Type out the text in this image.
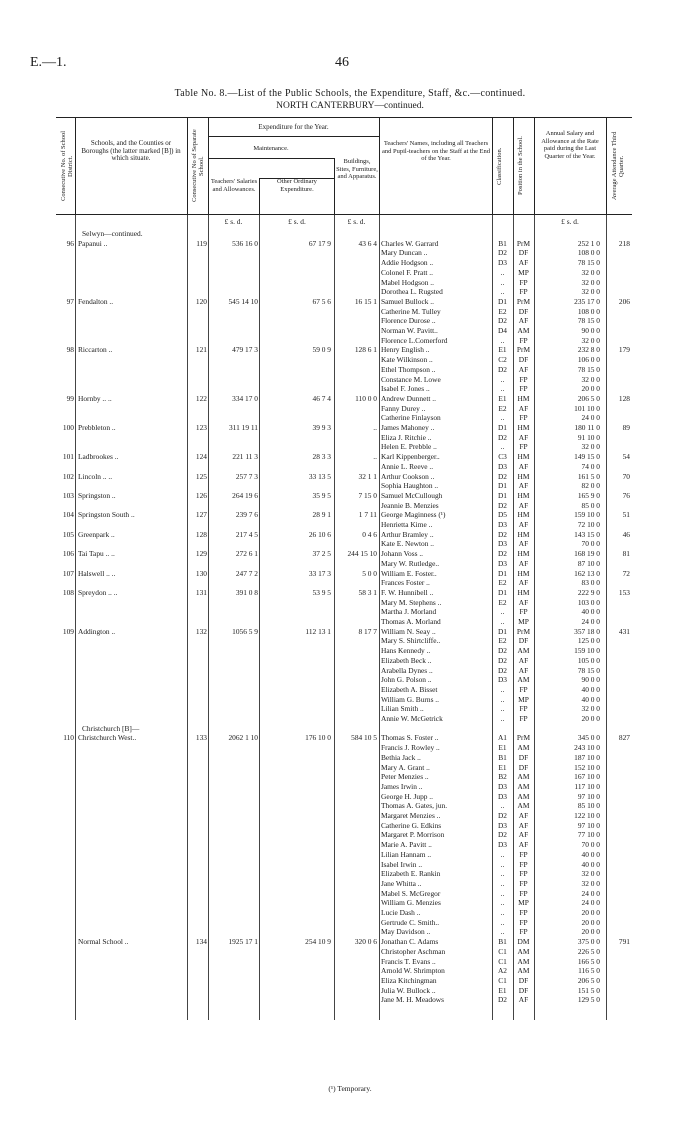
E.—1.	46
Table No. 8.—List of the Public Schools, the Expenditure, Staff, &c.—continued.
NORTH CANTERBURY—continued.
Consecutive No. of School District.
Schools, and the Counties or Boroughs (the latter marked [B]) in which situate.	Consecutive No of Separate School.
Expenditure for the Year.
Maintenance.
Teachers' Salaries and Allowances.
Other Ordinary Expenditure.
Buildings, Sites, Furniture, and Apparatus.
Teachers' Names, including all Teachers and Pupil-teachers on the Staff at the End of the Year.	Classification.	Position in the School.
Annual Salary and Allowance at the Rate paid during the Last Quarter of the Year.	Average Attendance Third Quarter.
£ s. d.	£ s. d.	£ s. d.	£ s. d.
Selwyn—continued.
96 Papanui ..	119	536 16 0	67 17 9	43 6 4 Charles W. Garrard	B1	PrM	252 1 0	218
Mary Duncan ..	D2	DF	108 0 0
Addie Hodgson ..	D3	AF	78 15 0
Colonel F. Pratt ..	..	MP	32 0 0
Mabel Hodgson ..	..	FP	32 0 0
Dorothea L. Rugsted	..	FP	32 0 0
97 Fendalton ..	120	545 14 10	67 5 6	16 15 1 Samuel Bullock ..	D1	PrM	235 17 0	206
Catherine M. Tulley	E2	DF	108 0 0
Florence Durose ..	D2	AF	78 15 0
Norman W. Pavitt..	D4	AM	90 0 0
Florence L.Comerford	..	FP	32 0 0
98 Riccarton ..	121	479 17 3	59 0 9	128 6 1 Henry English ..	E1	PrM	232 8 0	179
Kate Wilkinson ..	C2	DF	106 0 0
Ethel Thompson ..	D2	AF	78 15 0
Constance M. Lowe	..	FP	32 0 0
Isabel F. Jones ..	..	FP	20 0 0
99 Hornby .. ..	122	334 17 0	46 7 4	110 0 0 Andrew Dunnett ..	E1	HM	206 5 0	128
Fanny Durey ..	E2	AF	101 10 0
Catherine Finlayson	..	FP	24 0 0
100 Prebbleton ..	123	311 19 11	39 9 3	.. James Mahoney ..	D1	HM	180 11 0	89
Eliza J. Ritchie ..	D2	AF	91 10 0
Helen E. Prebble ..	..	FP	32 0 0
101 Ladbrookes ..	124	221 11 3	28 3 3	.. Karl Kippenberger..	C3	HM	149 15 0	54
Annie L. Reeve ..	D3	AF	74 0 0
102 Lincoln .. ..	125	257 7 3	33 13 5	32 1 1 Arthur Cookson ..	D2	HM	161 5 0	70
Sophia Haughton ..	D1	AF	82 0 0
103 Springston ..	126	264 19 6	35 9 5	7 15 0 Samuel McCullough	D1	HM	165 9 0	76
Jeannie B. Menzies	D2	AF	85 0 0
104 Springston South ..	127	239 7 6	28 9 1	1 7 11 George Maginness (¹)	D5	HM	159 10 0	51
Henrietta Kime ..	D3	AF	72 10 0
105 Greenpark ..	128	217 4 5	26 10 6	0 4 6 Arthur Bramley ..	D2	HM	143 15 0	46
Kate E. Newton ..	D3	AF	70 0 0
106 Tai Tapu .. ..	129	272 6 1	37 2 5	244 15 10 Johann Voss ..	D2	HM	168 19 0	81
Mary W. Rutledge..	D3	AF	87 10 0
107 Halswell .. ..	130	247 7 2	33 17 3	5 0 0 William E. Foster..	D1	HM	162 13 0	72
Frances Foster ..	E2	AF	83 0 0
108 Spreydon .. ..	131	391 0 8	53 9 5	58 3 1 F. W. Hunnibell ..	D1	HM	222 9 0	153
Mary M. Stephens ..	E2	AF	103 0 0
Martha J. Morland	..	FP	40 0 0
Thomas A. Morland	..	MP	24 0 0
109 Addington ..	132	1056 5 9	112 13 1	8 17 7 William N. Seay ..	D1	PrM	357 18 0	431
Mary S. Shirtcliffe..	E2	DF	125 0 0
Hans Kennedy ..	D2	AM	159 10 0
Elizabeth Beck ..	D2	AF	105 0 0
Arabella Dynes ..	D2	AF	78 15 0
John G. Polson ..	D3	AM	90 0 0
Elizabeth A. Bisset	..	FP	40 0 0
William G. Burns ..	..	MP	40 0 0
Lilian Smith ..	..	FP	32 0 0
Annie W. McGetrick	..	FP	20 0 0
Christchurch [B]—
110 Christchurch West..	133	2062 1 10	176 10 0	584 10 5 Thomas S. Foster ..	A1	PrM	345 0 0	827
Francis J. Rowley ..	E1	AM	243 10 0
Bethia Jack ..	B1	DF	187 10 0
Mary A. Grant ..	E1	DF	152 10 0
Peter Menzies ..	B2	AM	167 10 0
James Irwin ..	D3	AM	117 10 0
George H. Jupp ..	D3	AM	97 10 0
Thomas A. Gates, jun.	..	AM	85 10 0
Margaret Menzies ..	D2	AF	122 10 0
Catherine G. Edkins	D3	AF	97 10 0
Margaret P. Morrison	D2	AF	77 10 0
Marie A. Pavitt ..	D3	AF	70 0 0
Lilian Hannam ..	..	FP	40 0 0
Isabel Irwin ..	..	FP	40 0 0
Elizabeth E. Rankin	..	FP	32 0 0
Jane Whitta ..	..	FP	32 0 0
Mabel S. McGregor	..	FP	24 0 0
William G. Menzies	..	MP	24 0 0
Lucie Dash ..	..	FP	20 0 0
Gertrude C. Smith..	..	FP	20 0 0
May Davidson ..	..	FP	20 0 0
Normal School ..	134	1925 17 1	254 10 9	320 0 6 Jonathan C. Adams	B1	DM	375 0 0	791
Christopher Aschman	C1	AM	226 5 0
Francis T. Evans ..	C1	AM	166 5 0
Arnold W. Shrimpton	A2	AM	116 5 0
Eliza Kitchingman	C1	DF	206 5 0
Julia W. Bullock ..	E1	DF	151 5 0
Jane M. H. Meadows	D2	AF	129 5 0
(¹) Temporary.
